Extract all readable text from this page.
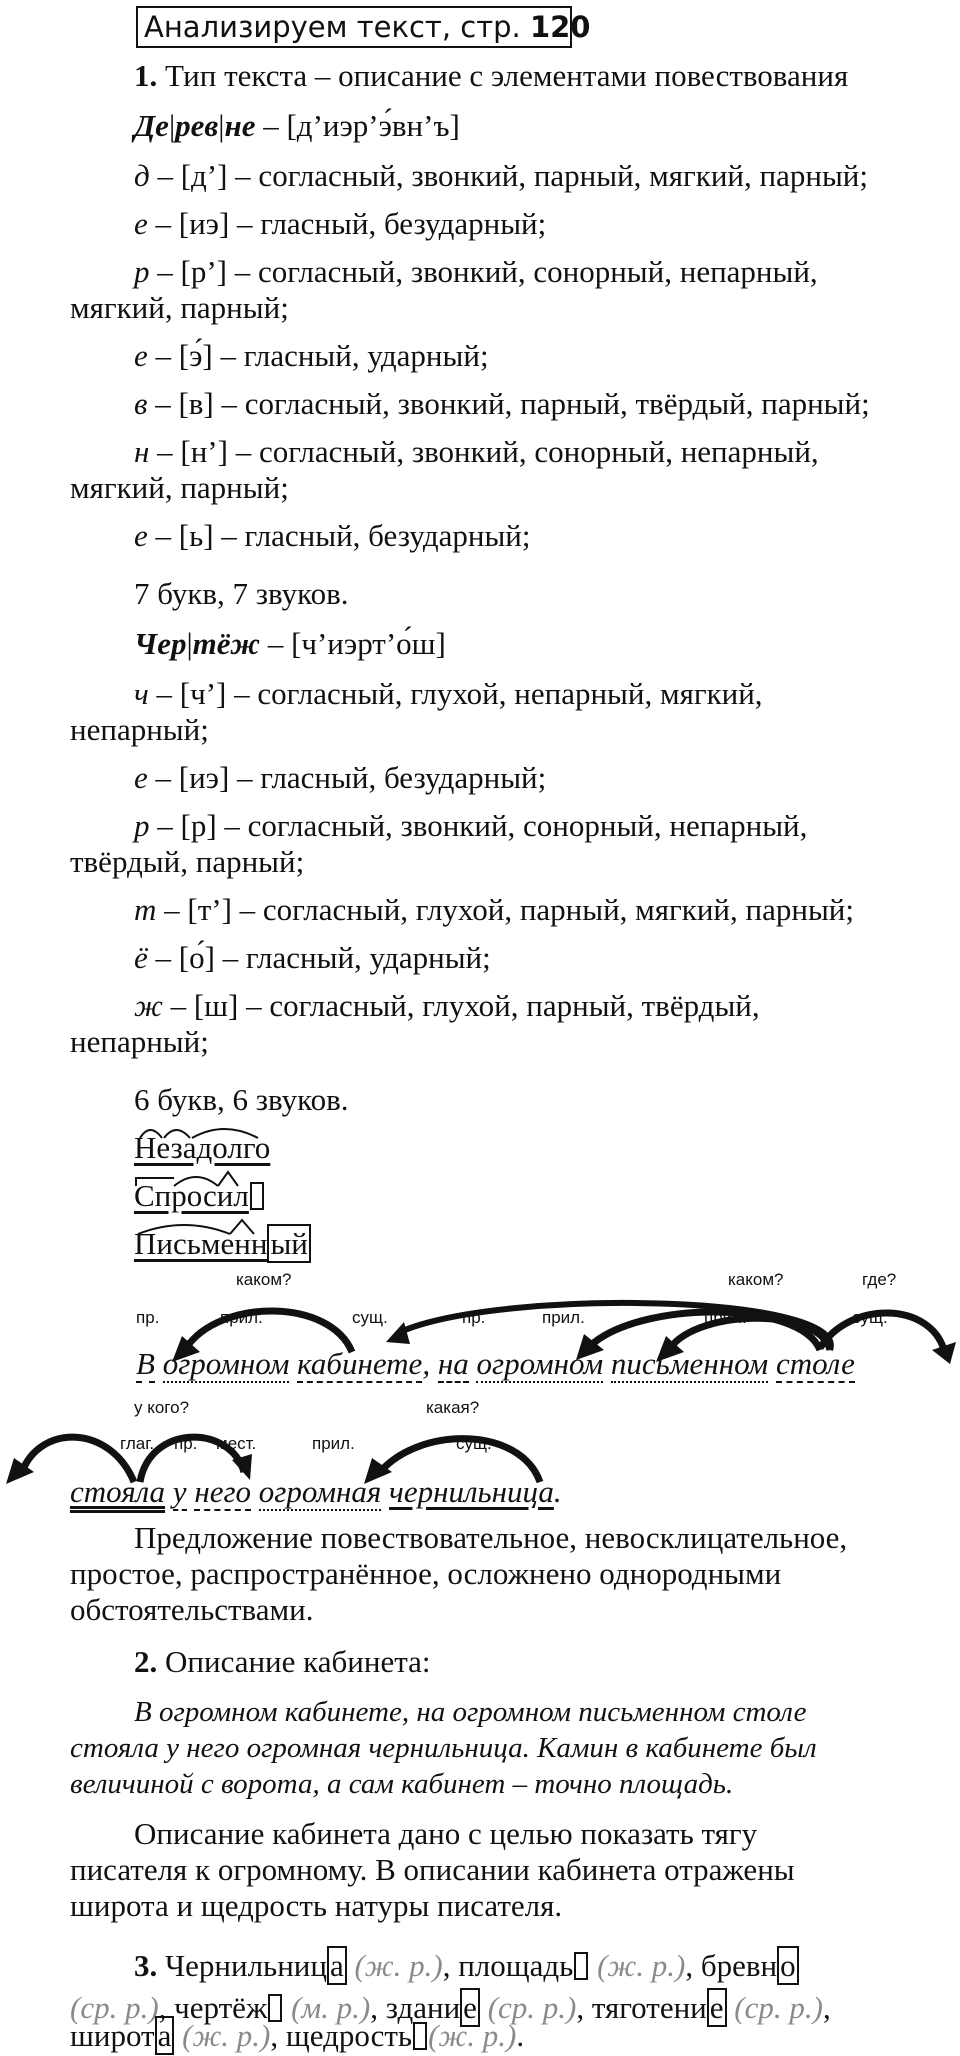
Анализируем текст, стр. 120
1. Тип текста – описание с элементами повествования
Де|рев|не – [д’иэр’э́вн’ъ]
д – [д’] – согласный, звонкий, парный, мягкий, парный;
е – [иэ] – гласный, безударный;
р – [р’] – согласный, звонкий, сонорный, непарный,
мягкий, парный;
е – [э́] – гласный, ударный;
в – [в] – согласный, звонкий, парный, твёрдый, парный;
н – [н’] – согласный, звонкий, сонорный, непарный,
мягкий, парный;
е – [ь] – гласный, безударный;
7 букв, 7 звуков.
Чер|тёж – [ч’иэрт’о́ш]
ч – [ч’] – согласный, глухой, непарный, мягкий,
непарный;
е – [иэ] – гласный, безударный;
р – [р] – согласный, звонкий, сонорный, непарный,
твёрдый, парный;
т – [т’] – согласный, глухой, парный, мягкий, парный;
ё – [о́] – гласный, ударный;
ж – [ш] – согласный, глухой, парный, твёрдый,
непарный;
6 букв, 6 звуков.
Незадолго
Спросил
Письменный
каком?	каком?	где?
пр.	прил.	сущ.	пр.	прил.	прил.	сущ.
В огромном кабинете, на огромном письменном столе
у кого?	какая?
глаг. пр. мест.	прил.	сущ.
стояла у него огромная чернильница.
Предложение повествовательное, невосклицательное,
простое, распространённое, осложнено однородными
обстоятельствами.
2. Описание кабинета:
В огромном кабинете, на огромном письменном столе
стояла у него огромная чернильница. Камин в кабинете был
величиной с ворота, а сам кабинет – точно площадь.
Описание кабинета дано с целью показать тягу
писателя к огромному. В описании кабинета отражены
широта и щедрость натуры писателя.
3. Чернильница (ж. р.), площадь (ж. р.), бревно
(ср. р.), чертёж (м. р.), здание (ср. р.), тяготение (ср. р.),
широта (ж. р.), щедрость (ж. р.).
